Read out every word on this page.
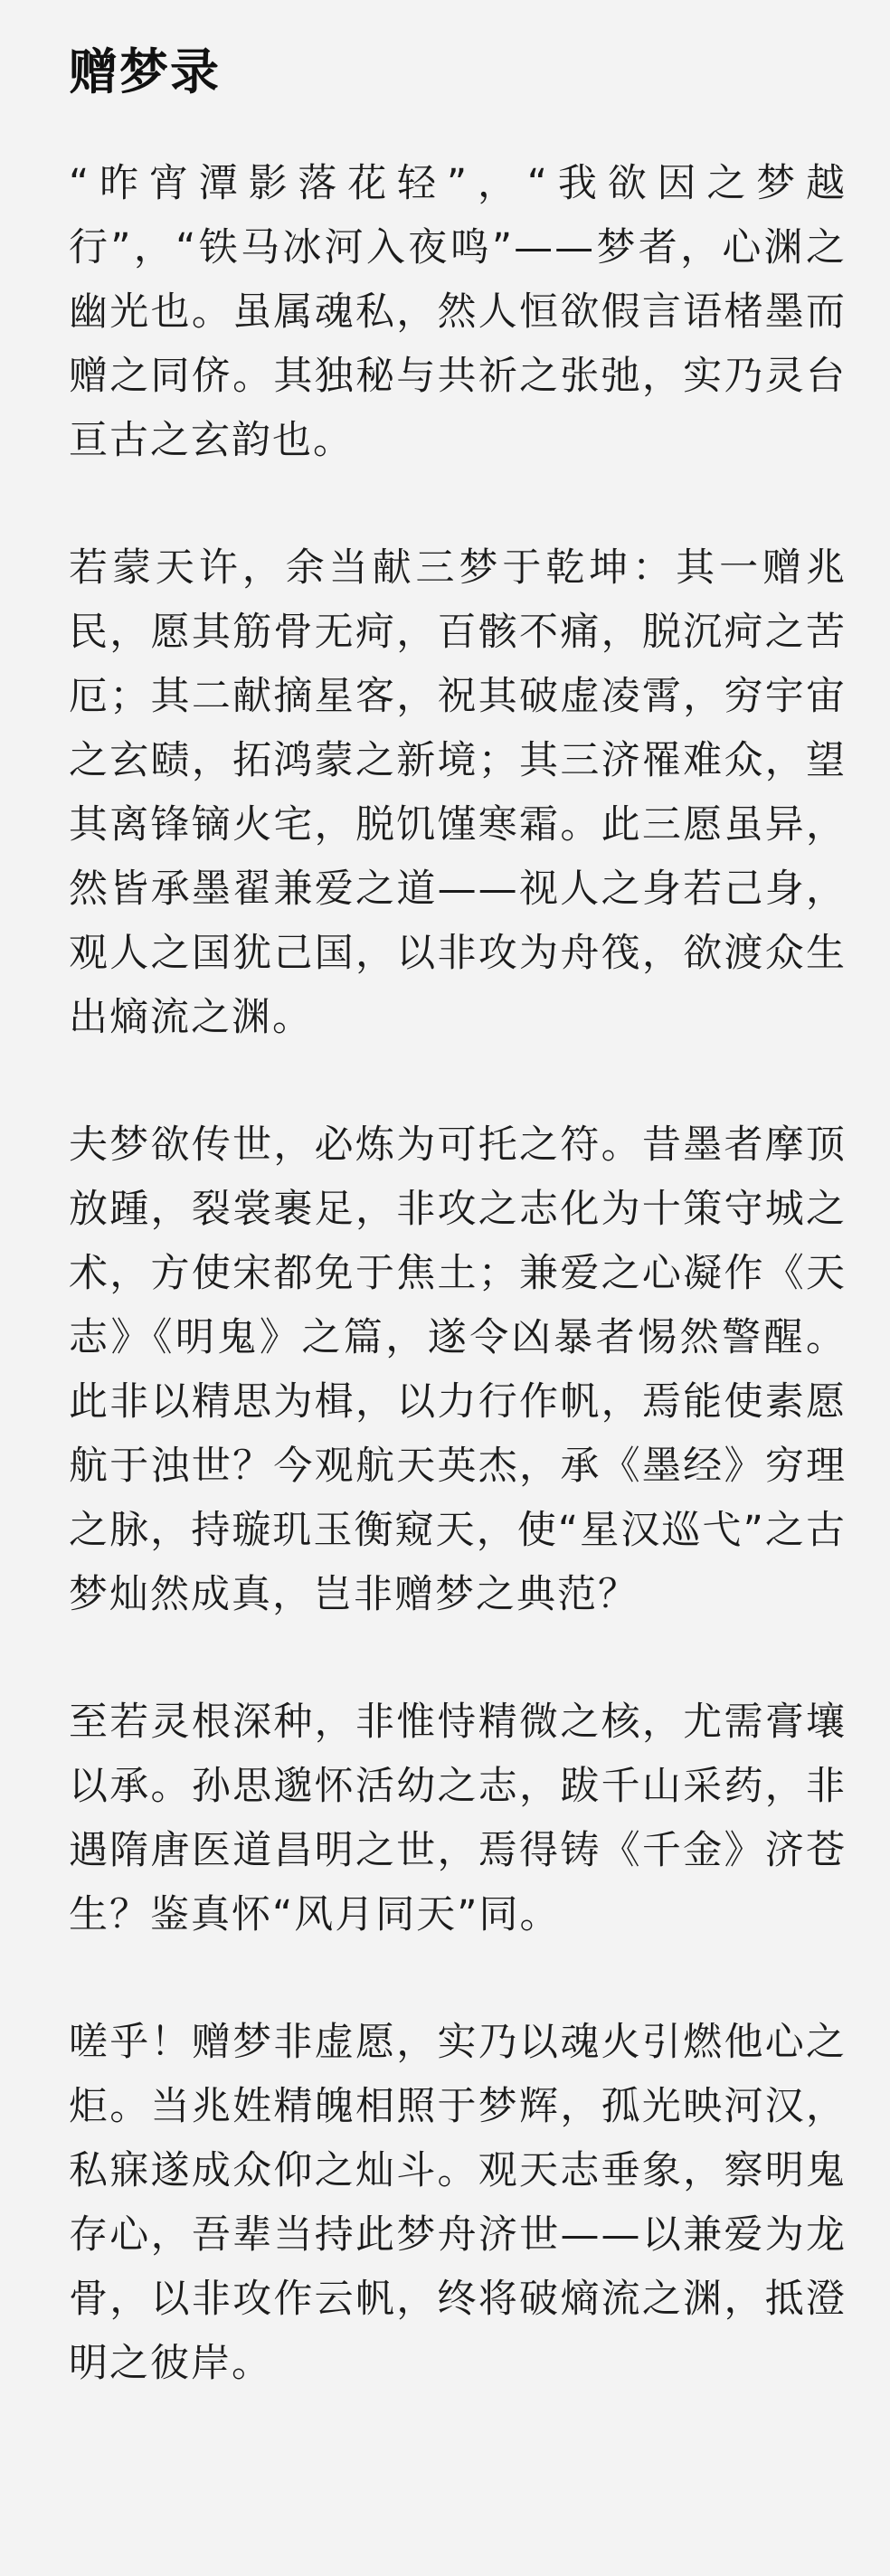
赠梦录

“昨宵潭影落花轻”，“我欲因之梦越行”，“铁马冰河入夜鸣”——梦者，心渊之幽光也。虽属魂私，然人恒欲假言语楮墨而赠之同侪。其独秘与共祈之张弛，实乃灵台亘古之玄韵也。

若蒙天许，余当献三梦于乾坤：其一赠兆民，愿其筋骨无疴，百骸不痛，脱沉疴之苦厄；其二献摘星客，祝其破虚凌霄，穷宇宙之玄赜，拓鸿蒙之新境；其三济罹难众，望其离锋镝火宅，脱饥馑寒霜。此三愿虽异，然皆承墨翟兼爱之道——视人之身若己身，观人之国犹己国，以非攻为舟筏，欲渡众生出熵流之渊。

夫梦欲传世，必炼为可托之符。昔墨者摩顶放踵，裂裳裹足，非攻之志化为十策守城之术，方使宋都免于焦土；兼爱之心凝作《天志》《明鬼》之篇，遂令凶暴者惕然警醒。此非以精思为楫，以力行作帆，焉能使素愿航于浊世？今观航天英杰，承《墨经》穷理之脉，持璇玑玉衡窥天，使“星汉巡弋”之古梦灿然成真，岂非赠梦之典范？

至若灵根深种，非惟恃精微之核，尤需膏壤以承。孙思邈怀活幼之志，跋千山采药，非遇隋唐医道昌明之世，焉得铸《千金》济苍生？鉴真怀“风月同天”同。

嗟乎！赠梦非虚愿，实乃以魂火引燃他心之炬。当兆姓精魄相照于梦辉，孤光映河汉，私寐遂成众仰之灿斗。观天志垂象，察明鬼存心，吾辈当持此梦舟济世——以兼爱为龙骨，以非攻作云帆，终将破熵流之渊，抵澄明之彼岸。
